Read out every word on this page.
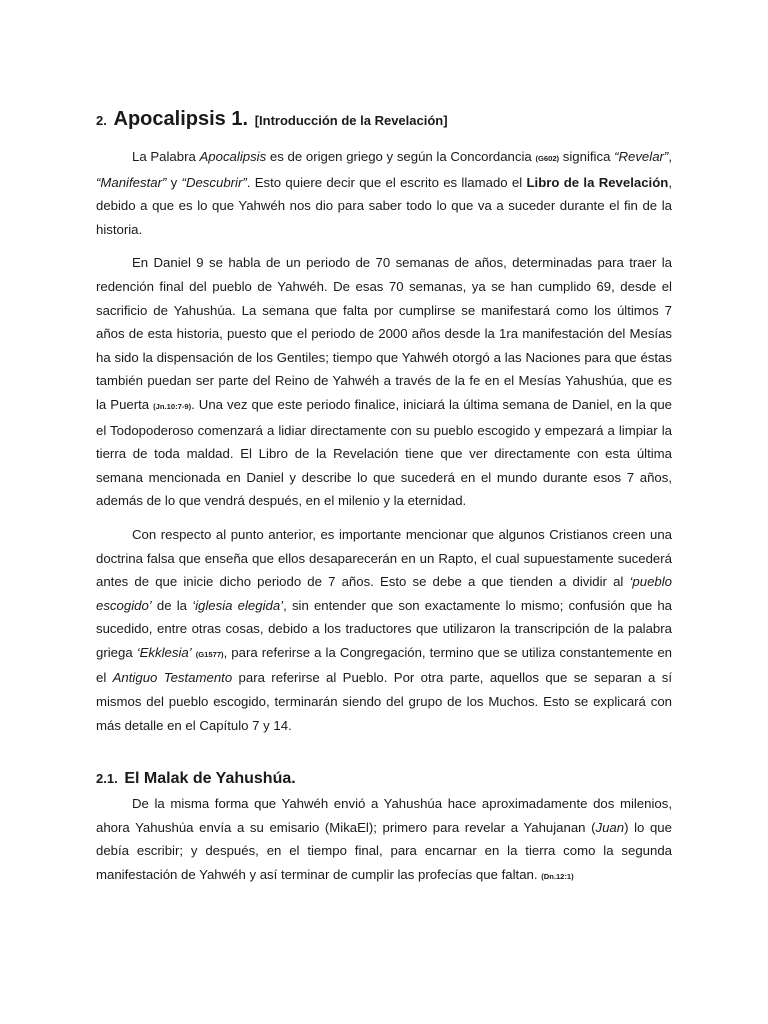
2. Apocalipsis 1. [Introducción de la Revelación]

La Palabra Apocalipsis es de origen griego y según la Concordancia (G602) significa “Revelar”, “Manifestar” y “Descubrir”. Esto quiere decir que el escrito es llamado el Libro de la Revelación, debido a que es lo que Yahwéh nos dio para saber todo lo que va a suceder durante el fin de la historia.

En Daniel 9 se habla de un periodo de 70 semanas de años, determinadas para traer la redención final del pueblo de Yahwéh. De esas 70 semanas, ya se han cumplido 69, desde el sacrificio de Yahushúa. La semana que falta por cumplirse se manifestará como los últimos 7 años de esta historia, puesto que el periodo de 2000 años desde la 1ra manifestación del Mesías ha sido la dispensación de los Gentiles; tiempo que Yahwéh otorgó a las Naciones para que éstas también puedan ser parte del Reino de Yahwéh a través de la fe en el Mesías Yahushúa, que es la Puerta (Jn.10:7-9). Una vez que este periodo finalice, iniciará la última semana de Daniel, en la que el Todopoderoso comenzará a lidiar directamente con su pueblo escogido y empezará a limpiar la tierra de toda maldad. El Libro de la Revelación tiene que ver directamente con esta última semana mencionada en Daniel y describe lo que sucederá en el mundo durante esos 7 años, además de lo que vendrá después, en el milenio y la eternidad.

Con respecto al punto anterior, es importante mencionar que algunos Cristianos creen una doctrina falsa que enseña que ellos desaparecerán en un Rapto, el cual supuestamente sucederá antes de que inicie dicho periodo de 7 años. Esto se debe a que tienden a dividir al ‘pueblo escogido’ de la ‘iglesia elegida’, sin entender que son exactamente lo mismo; confusión que ha sucedido, entre otras cosas, debido a los traductores que utilizaron la transcripción de la palabra griega ‘Ekklesia’ (G1577), para referirse a la Congregación, termino que se utiliza constantemente en el Antiguo Testamento para referirse al Pueblo. Por otra parte, aquellos que se separan a sí mismos del pueblo escogido, terminarán siendo del grupo de los Muchos. Esto se explicará con más detalle en el Capítulo 7 y 14.

2.1. El Malak de Yahushúa.

De la misma forma que Yahwéh envió a Yahushúa hace aproximadamente dos milenios, ahora Yahushúa envía a su emisario (MikaEl); primero para revelar a Yahujanan (Juan) lo que debía escribir; y después, en el tiempo final, para encarnar en la tierra como la segunda manifestación de Yahwéh y así terminar de cumplir las profecías que faltan. (Dn.12:1)
